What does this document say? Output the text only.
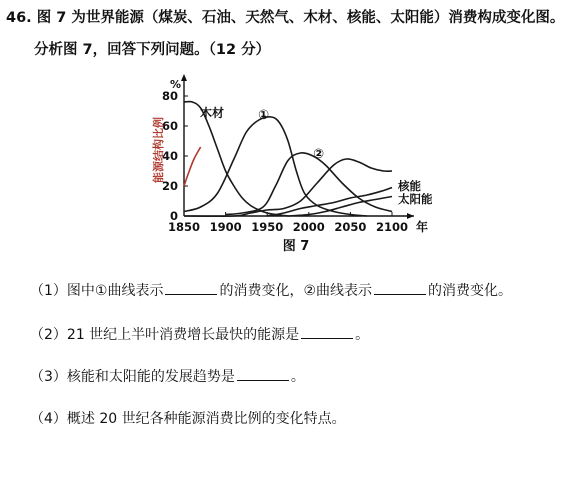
46. 图 7 为世界能源（煤炭、石油、天然气、木材、核能、太阳能）消费构成变化图。
分析图 7，回答下列问题。（12 分）
1850 1900 1950 2000 2050 2100
0
20
40
60
80
%
年
能源结构比例
图 7
木材	①
②
核能
太阳能
（1）图中①曲线表示	的消费变化，②曲线表示	的消费变化。
（2）21 世纪上半叶消费增长最快的能源是	。
（3）核能和太阳能的发展趋势是	。
（4）概述 20 世纪各种能源消费比例的变化特点。
